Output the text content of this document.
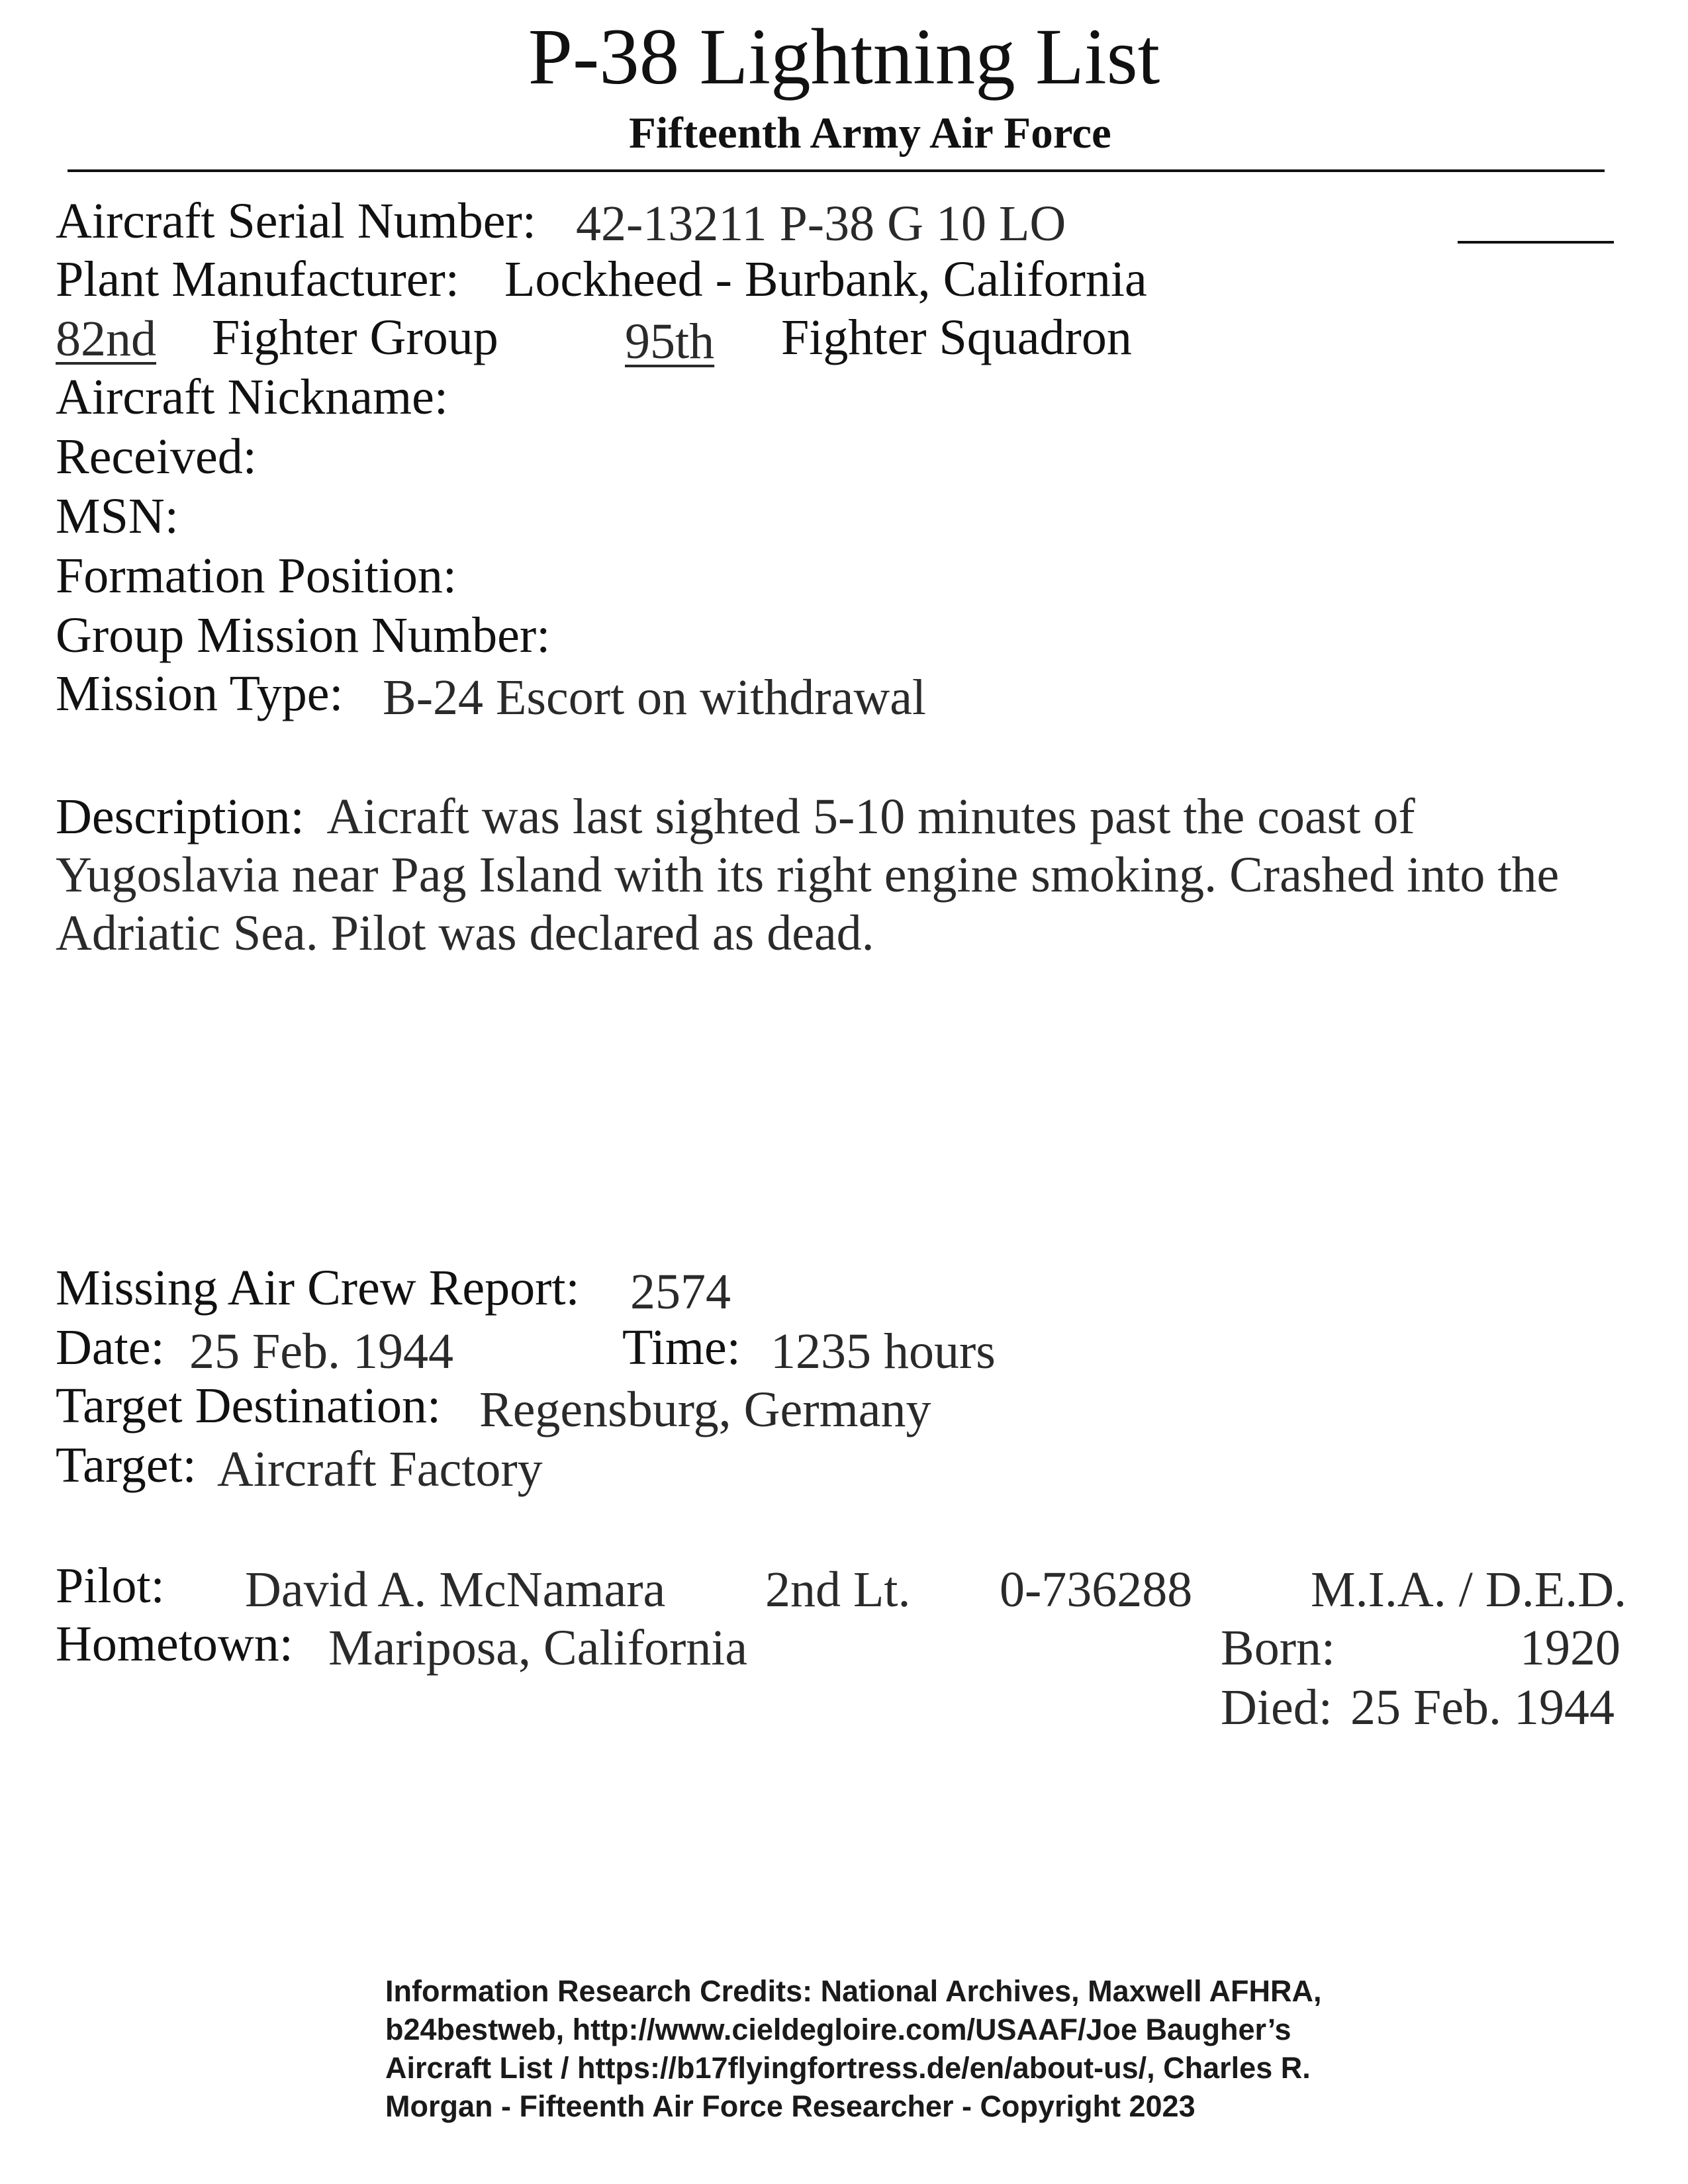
P-38 Lightning List
Fifteenth Army Air Force
Aircraft Serial Number: 42-13211 P-38 G 10 LO
Plant Manufacturer: Lockheed - Burbank, California
82nd	Fighter Group	95th	Fighter Squadron
Aircraft Nickname:
Received:
MSN:
Formation Position:
Group Mission Number:
Mission Type: B-24 Escort on withdrawal
Description: Aicraft was last sighted 5-10 minutes past the coast of Yugoslavia near Pag Island with its right engine smoking. Crashed into the Adriatic Sea. Pilot was declared as dead.
Missing Air Crew Report: 2574
Date: 25 Feb. 1944	Time: 1235 hours
Target Destination: Regensburg, Germany
Target: Aircraft Factory
Pilot: David A. McNamara 2nd Lt. 0-736288 M.I.A. / D.E.D.
Hometown: Mariposa, California	Born:	1920
Died: 25 Feb. 1944
Information Research Credits: National Archives, Maxwell AFHRA, b24bestweb, http://www.cieldegloire.com/USAAF/Joe Baugher’s Aircraft List / https://b17flyingfortress.de/en/about-us/, Charles R. Morgan - Fifteenth Air Force Researcher - Copyright 2023
